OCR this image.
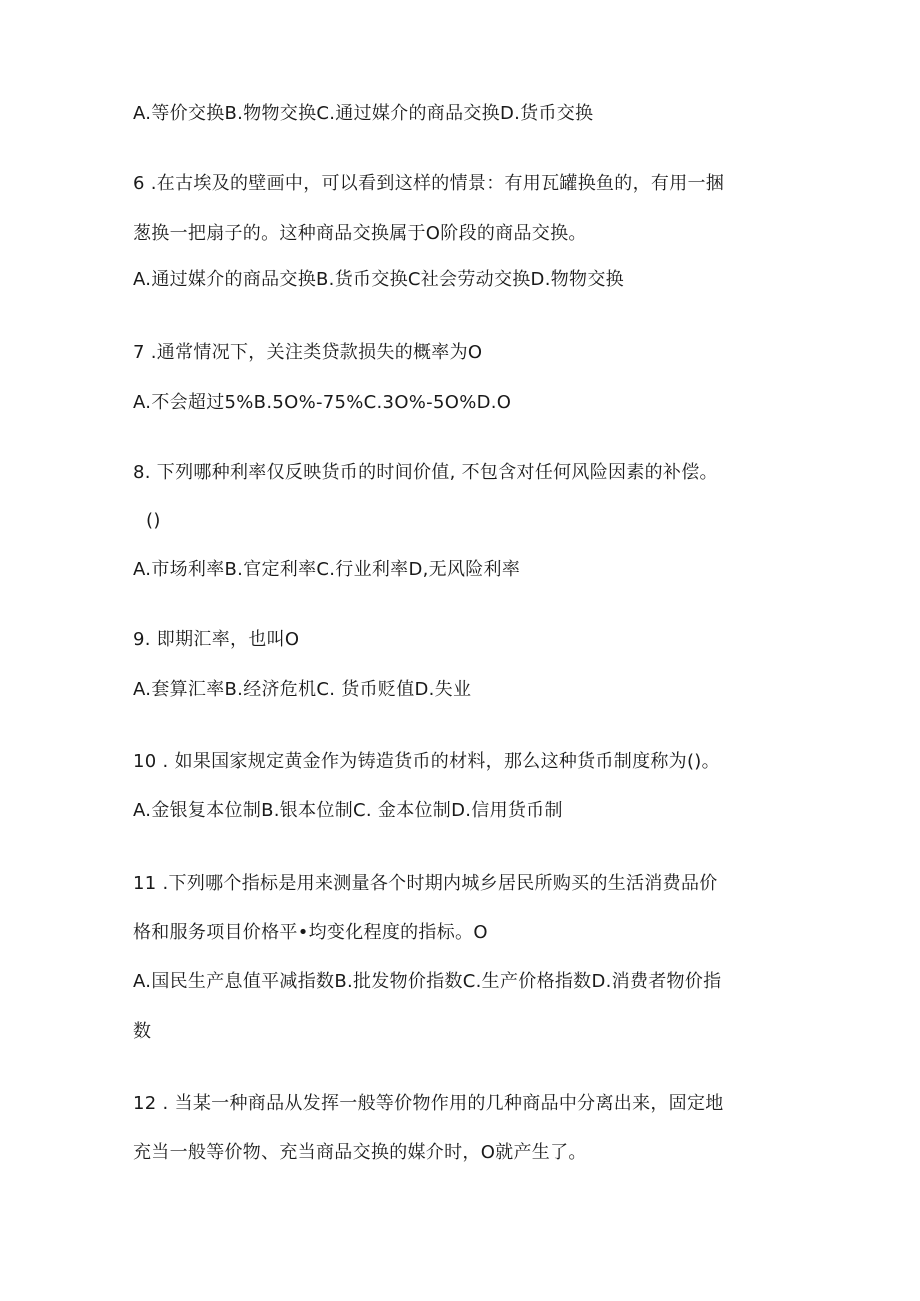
A.等价交换B.物物交换C.通过媒介的商品交换D.货币交换
6 .在古埃及的壁画中，可以看到这样的情景：有用瓦罐换鱼的，有用一捆
葱换一把扇子的。这种商品交换属于O阶段的商品交换。
A.通过媒介的商品交换B.货币交换C社会劳动交换D.物物交换
7 .通常情况下，关注类贷款损失的概率为O
A.不会超过5%B.5O%-75%C.3O%-5O%D.O
8. 下列哪种利率仅反映货币的时间价值, 不包含对任何风险因素的补偿。
()
A.市场利率B.官定利率C.行业利率D,无风险利率
9. 即期汇率，也叫O
A.套算汇率B.经济危机C. 货币贬值D.失业
10 . 如果国家规定黄金作为铸造货币的材料，那么这种货币制度称为()。
A.金银复本位制B.银本位制C. 金本位制D.信用货币制
11 .下列哪个指标是用来测量各个时期内城乡居民所购买的生活消费品价
格和服务项目价格平•均变化程度的指标。O
A.国民生产息值平减指数B.批发物价指数C.生产价格指数D.消费者物价指
数
12 . 当某一种商品从发挥一般等价物作用的几种商品中分离出来，固定地
充当一般等价物、充当商品交换的媒介时，O就产生了。
